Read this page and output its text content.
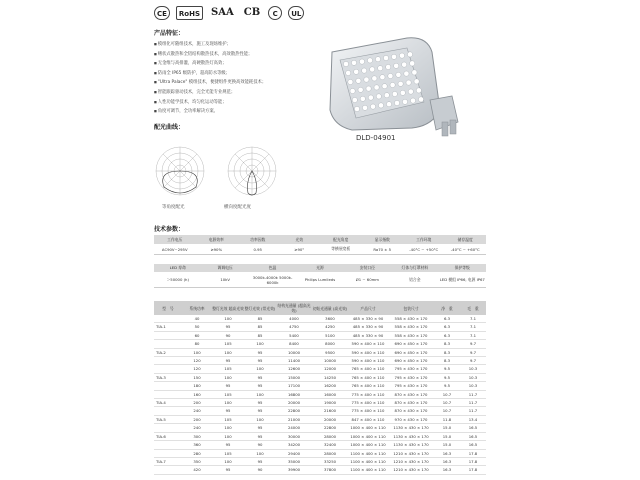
CE	RoHS	SAA CB	C	UL
产品特征：
■ 模组化可随组技术，施工及现场维护；
■ 鳍状式散热和全铝结构散热技术，高效散热性能；
■ 无金维与高排灌，高硬散热灯高效；
■ 防雨全 IP65 级防护，超高防水等级；
■ "Ultra Palace" 模组技术，便捷组件更换高效能耗技术；
■ 智能跟踪驱动技术，完全光能专业规范；
■ 人性功能学技术，均匀化运动等能；
■ 角度可调节，全功率解决方案。
DLD-04901
配光曲线：
等角度配光	横向度配光度
技术参数：
工作电压	电源效率	功率因数	光效	配光角度	显示指数	工作环境	储存温度
AC90V~295V	≥90%	0.95	≥90°	等横展宽板	Ra70 ± 5	-40°C ~ +50°C	-40°C ~ +60°C
LED 寿命	调调电压	色温	光源	安装口径	灯体与灯罩材料	保护等级
＞50000 (h)	10kV	3000k-4000k 5000k-6000k	Philips Lumileds	Ø1 ~ 60mm	铝合金	LED 模组 IP66, 电源 IP67
型　号	系统功率	整灯光效 超高光效	整灯光效 (常光效)	结构光通量 (超高光效)	初始光通量 (高光效)	产品尺寸	包装尺寸	净　重	毛　重
	40	100	85	4000	3600	485 × 330 × 90	558 × 430 × 170	6.3	7.1
TIA-1	50	95	85	4750	4250	485 × 330 × 90	558 × 430 × 170	6.3	7.1
	60	90	85	5400	5100	485 × 330 × 90	558 × 430 × 170	6.3	7.1
	80	105	100	8400	8000	590 × 400 × 110	690 × 450 × 170	8.3	9.7
TIA-2	100	100	95	10000	9500	590 × 400 × 110	690 × 450 × 170	8.3	9.7
	120	95	95	11400	10000	590 × 400 × 110	690 × 450 × 170	8.3	9.7
	120	105	100	12600	12000	765 × 400 × 110	795 × 430 × 170	9.5	10.3
TIA-3	150	100	95	15000	14250	765 × 400 × 110	795 × 430 × 170	9.5	10.3
	180	95	95	17100	16200	765 × 400 × 110	795 × 430 × 170	9.5	10.3
	160	105	100	16800	16000	775 × 400 × 110	870 × 430 × 170	10.7	11.7
TIA-4	200	100	95	20000	19000	775 × 400 × 110	870 × 430 × 170	10.7	11.7
	240	95	95	22800	21600	775 × 400 × 110	870 × 430 × 170	10.7	11.7
TIA-5	200	105	100	21000	20000	847 × 400 × 110	970 × 430 × 170	11.8	13.4
	240	100	95	24000	22800	1000 × 400 × 110	1130 × 430 × 170	15.0	16.5
TIA-6	300	100	95	30000	28000	1000 × 400 × 110	1130 × 430 × 170	15.0	16.5
	360	95	90	34200	32400	1000 × 400 × 110	1130 × 430 × 170	15.0	16.5
	280	105	100	29400	28000	1100 × 400 × 110	1210 × 430 × 170	16.3	17.8
TIA-7	350	100	95	35000	33250	1100 × 400 × 110	1210 × 430 × 170	16.3	17.8
	420	95	90	39900	37800	1100 × 400 × 110	1210 × 430 × 170	16.3	17.8
